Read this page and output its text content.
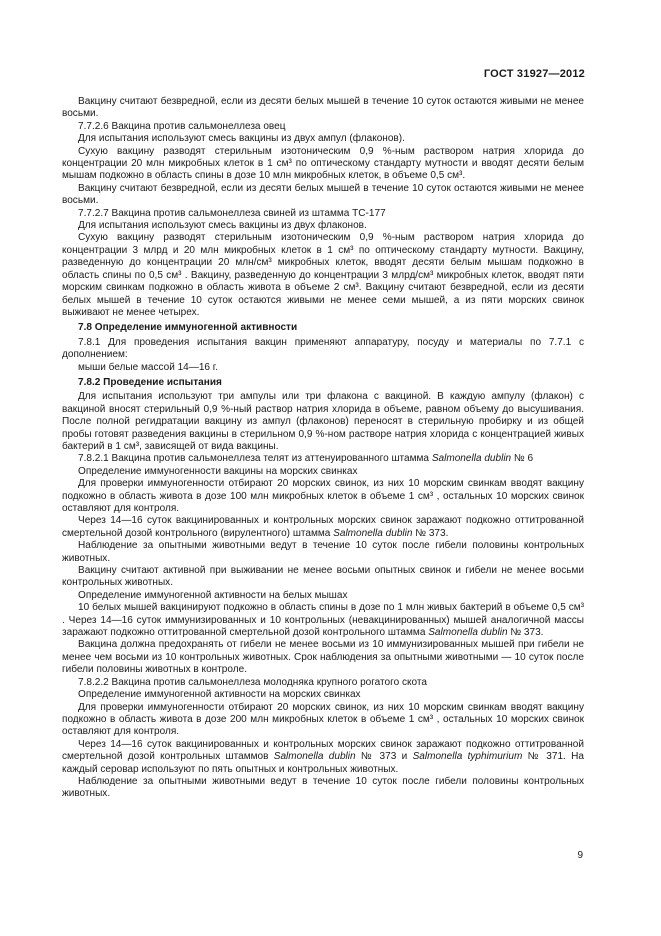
ГОСТ 31927—2012

Вакцину считают безвредной, если из десяти белых мышей в течение 10 суток остаются живыми не менее восьми.

7.7.2.6 Вакцина против сальмонеллеза овец

Для испытания используют смесь вакцины из двух ампул (флаконов).

Сухую вакцину разводят стерильным изотоническим 0,9 %-ным раствором натрия хлорида до концентрации 20 млн микробных клеток в 1 см³ по оптическому стандарту мутности и вводят десяти белым мышам подкожно в область спины в дозе 10 млн микробных клеток, в объеме 0,5 см³.

Вакцину считают безвредной, если из десяти белых мышей в течение 10 суток остаются живыми не менее восьми.

7.7.2.7 Вакцина против сальмонеллеза свиней из штамма ТС-177

Для испытания используют смесь вакцины из двух флаконов.

Сухую вакцину разводят стерильным изотоническим 0,9 %-ным раствором натрия хлорида до концентрации 3 млрд и 20 млн микробных клеток в 1 см³ по оптическому стандарту мутности. Вакцину, разведенную до концентрации 20 млн/см³ микробных клеток, вводят десяти белым мышам подкожно в область спины по 0,5 см³ . Вакцину, разведенную до концентрации 3 млрд/см³ микробных клеток, вводят пяти морским свинкам подкожно в область живота в объеме 2 см³. Вакцину считают безвредной, если из десяти белых мышей в течение 10 суток остаются живыми не менее семи мышей, а из пяти морских свинок выживают не менее четырех.

7.8 Определение иммуногенной активности

7.8.1 Для проведения испытания вакцин применяют аппаратуру, посуду и материалы по 7.7.1 с дополнением:

мыши белые массой 14—16 г.

7.8.2 Проведение испытания

Для испытания используют три ампулы или три флакона с вакциной. В каждую ампулу (флакон) с вакциной вносят стерильный 0,9 %-ный раствор натрия хлорида в объеме, равном объему до высушивания. После полной регидратации вакцину из ампул (флаконов) переносят в стерильную пробирку и из общей пробы готовят разведения вакцины в стерильном 0,9 %-ном растворе натрия хлорида с концентрацией живых бактерий в 1 см³, зависящей от вида вакцины.

7.8.2.1 Вакцина против сальмонеллеза телят из аттенуированного штамма Salmonella dublin № 6

Определение иммуногенности вакцины на морских свинках

Для проверки иммуногенности отбирают 20 морских свинок, из них 10 морским свинкам вводят вакцину подкожно в область живота в дозе 100 млн микробных клеток в объеме 1 см³ , остальных 10 морских свинок оставляют для контроля.

Через 14—16 суток вакцинированных и контрольных морских свинок заражают подкожно оттитрованной смертельной дозой контрольного (вирулентного) штамма Salmonella dublin № 373.

Наблюдение за опытными животными ведут в течение 10 суток после гибели половины контрольных животных.

Вакцину считают активной при выживании не менее восьми опытных свинок и гибели не менее восьми контрольных животных.

Определение иммуногенной активности на белых мышах

10 белых мышей вакцинируют подкожно в область спины в дозе по 1 млн живых бактерий в объеме 0,5 см³ . Через 14—16 суток иммунизированных и 10 контрольных (невакцинированных) мышей аналогичной массы заражают подкожно оттитрованной смертельной дозой контрольного штамма Salmonella dublin № 373.

Вакцина должна предохранять от гибели не менее восьми из 10 иммунизированных мышей при гибели не менее чем восьми из 10 контрольных животных. Срок наблюдения за опытными животными — 10 суток после гибели половины животных в контроле.

7.8.2.2 Вакцина против сальмонеллеза молодняка крупного рогатого скота

Определение иммуногенной активности на морских свинках

Для проверки иммуногенности отбирают 20 морских свинок, из них 10 морским свинкам вводят вакцину подкожно в область живота в дозе 200 млн микробных клеток в объеме 1 см³ , остальных 10 морских свинок оставляют для контроля.

Через 14—16 суток вакцинированных и контрольных морских свинок заражают подкожно оттитрованной смертельной дозой контрольных штаммов Salmonella dublin № 373 и Salmonella typhimurium № 371. На каждый серовар используют по пять опытных и контрольных животных.

Наблюдение за опытными животными ведут в течение 10 суток после гибели половины контрольных животных.

9
